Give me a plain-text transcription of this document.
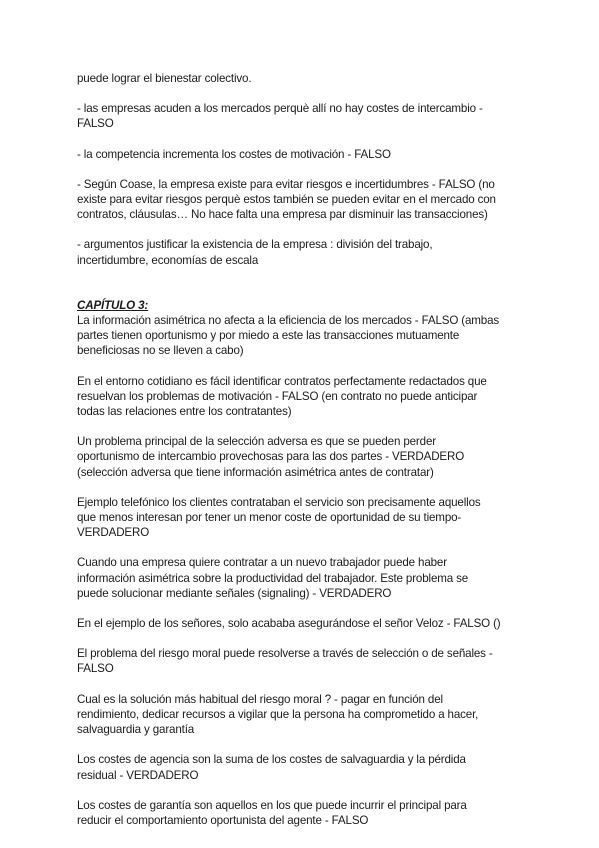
puede lograr el bienestar colectivo.

- las empresas acuden a los mercados perquè allí no hay costes de intercambio -
FALSO

- la competencia incrementa los costes de motivación - FALSO

- Según Coase, la empresa existe para evitar riesgos e incertidumbres - FALSO (no
existe para evitar riesgos perquè estos también se pueden evitar en el mercado con
contratos, cláusulas… No hace falta una empresa par disminuir las transacciones)

- argumentos justificar la existencia de la empresa : división del trabajo,
incertidumbre, economías de escala

CAPÍTULO 3:

La información asimétrica no afecta a la eficiencia de los mercados - FALSO (ambas
partes tienen oportunismo y por miedo a este las transacciones mutuamente
beneficiosas no se lleven a cabo)

En el entorno cotidiano es fácil identificar contratos perfectamente redactados que
resuelvan los problemas de motivación - FALSO (en contrato no puede anticipar
todas las relaciones entre los contratantes)

Un problema principal de la selección adversa es que se pueden perder
oportunismo de intercambio provechosas para las dos partes - VERDADERO
(selección adversa que tiene información asimétrica antes de contratar)

Ejemplo telefónico los clientes contrataban el servicio son precisamente aquellos
que menos interesan por tener un menor coste de oportunidad de su tiempo-
VERDADERO

Cuando una empresa quiere contratar a un nuevo trabajador puede haber
información asimétrica sobre la productividad del trabajador. Este problema se
puede solucionar mediante señales (signaling) - VERDADERO

En el ejemplo de los señores, solo acababa asegurándose el señor Veloz - FALSO ()

El problema del riesgo moral puede resolverse a través de selección o de señales -
FALSO

Cual es la solución más habitual del riesgo moral ? - pagar en función del
rendimiento, dedicar recursos a vigilar que la persona ha comprometido a hacer,
salvaguardia y garantía

Los costes de agencia son la suma de los costes de salvaguardia y la pérdida
residual - VERDADERO

Los costes de garantía son aquellos en los que puede incurrir el principal para
reducir el comportamiento oportunista del agente - FALSO
